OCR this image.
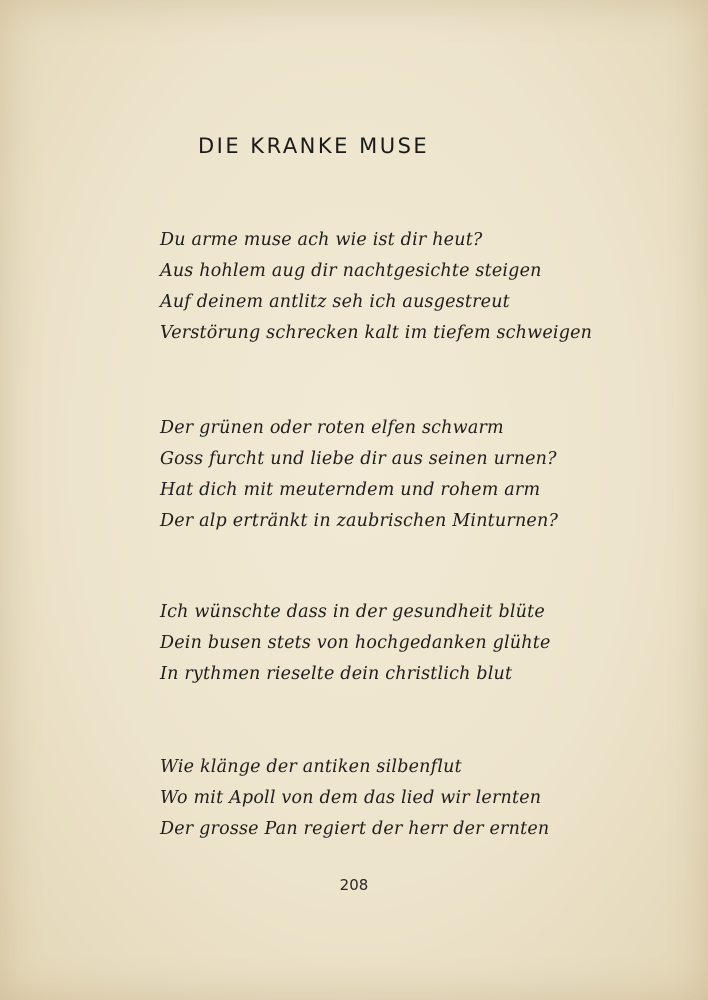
DIE KRANKE MUSE
Du arme muse ach wie ist dir heut?
Aus hohlem aug dir nachtgesichte steigen
Auf deinem antlitz seh ich ausgestreut
Verstörung schrecken kalt im tiefem schweigen
Der grünen oder roten elfen schwarm
Goss furcht und liebe dir aus seinen urnen?
Hat dich mit meuterndem und rohem arm
Der alp ertränkt in zaubrischen Minturnen?
Ich wünschte dass in der gesundheit blüte
Dein busen stets von hochgedanken glühte
In rythmen rieselte dein christlich blut
Wie klänge der antiken silbenflut
Wo mit Apoll von dem das lied wir lernten
Der grosse Pan regiert der herr der ernten
208
